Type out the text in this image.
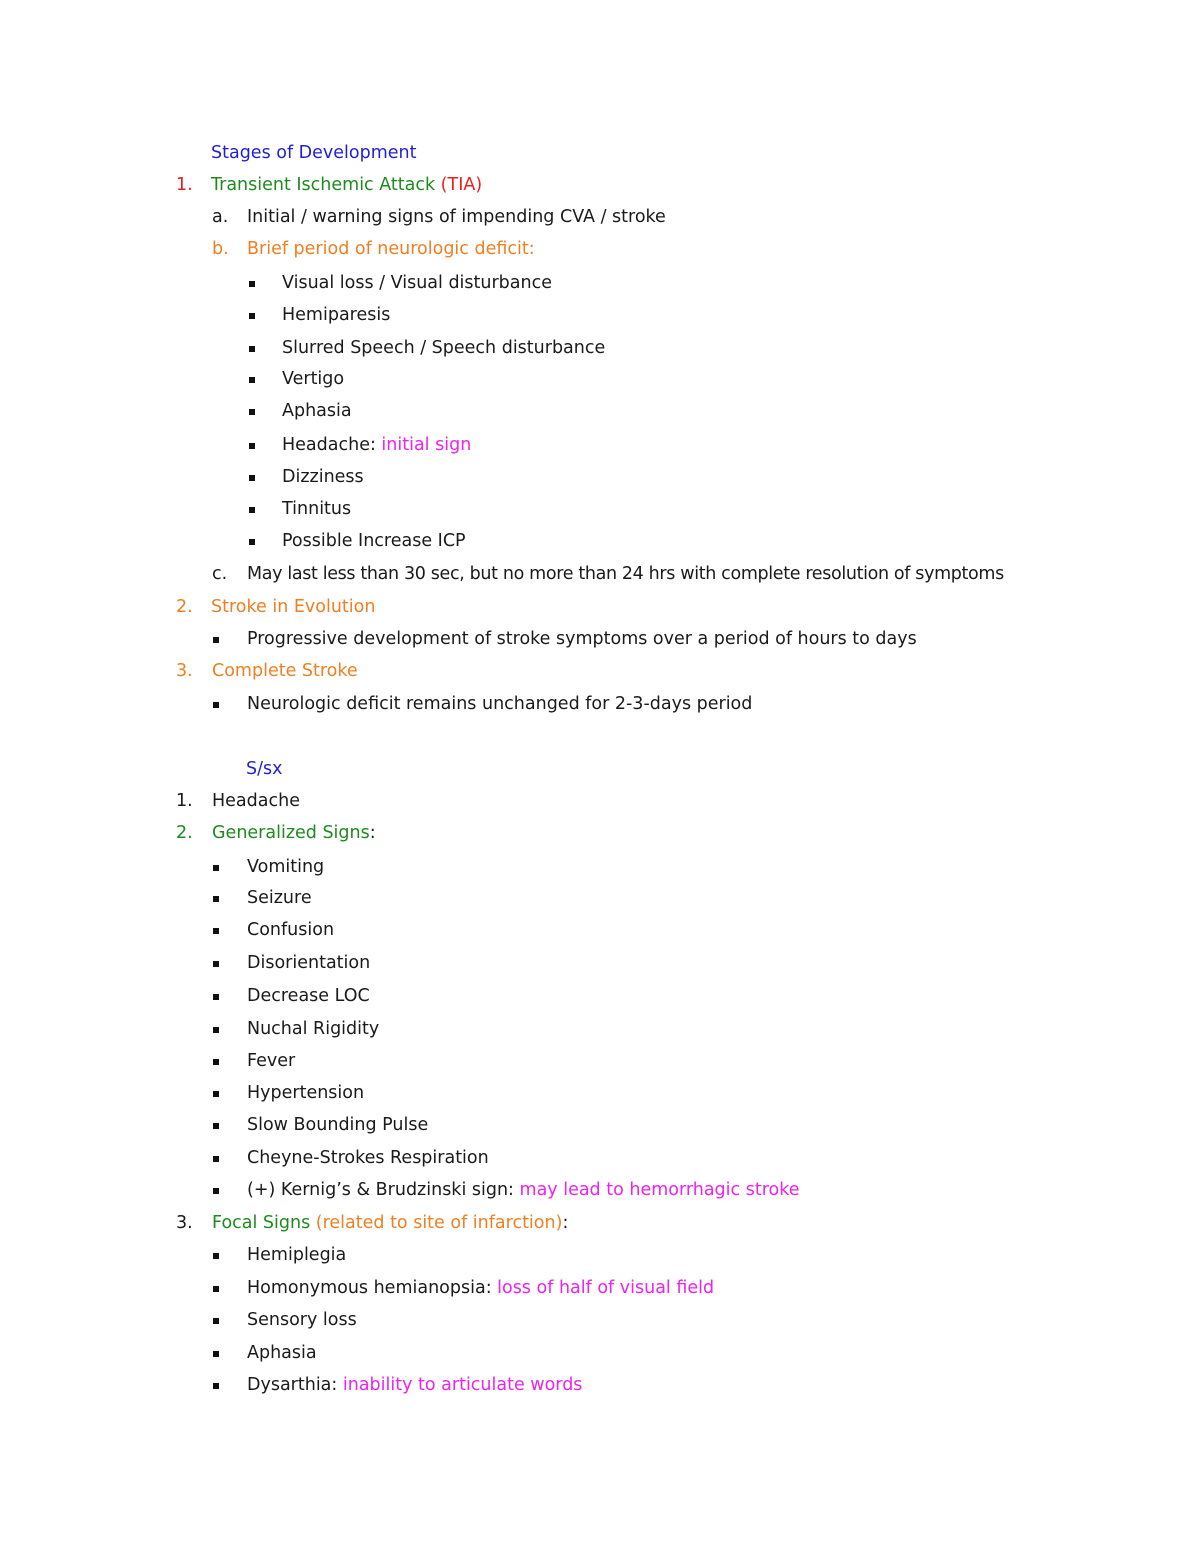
Stages of Development
1. Transient Ischemic Attack (TIA)
a. Initial / warning signs of impending CVA / stroke
b. Brief period of neurologic deficit:
Visual loss / Visual disturbance
Hemiparesis
Slurred Speech / Speech disturbance
Vertigo
Aphasia
Headache: initial sign
Dizziness
Tinnitus
Possible Increase ICP
c. May last less than 30 sec, but no more than 24 hrs with complete resolution of symptoms
2. Stroke in Evolution
Progressive development of stroke symptoms over a period of hours to days
3. Complete Stroke
Neurologic deficit remains unchanged for 2-3-days period
S/sx
1. Headache
2. Generalized Signs:
Vomiting
Seizure
Confusion
Disorientation
Decrease LOC
Nuchal Rigidity
Fever
Hypertension
Slow Bounding Pulse
Cheyne-Strokes Respiration
(+) Kernig’s & Brudzinski sign: may lead to hemorrhagic stroke
3. Focal Signs (related to site of infarction):
Hemiplegia
Homonymous hemianopsia: loss of half of visual field
Sensory loss
Aphasia
Dysarthia: inability to articulate words
